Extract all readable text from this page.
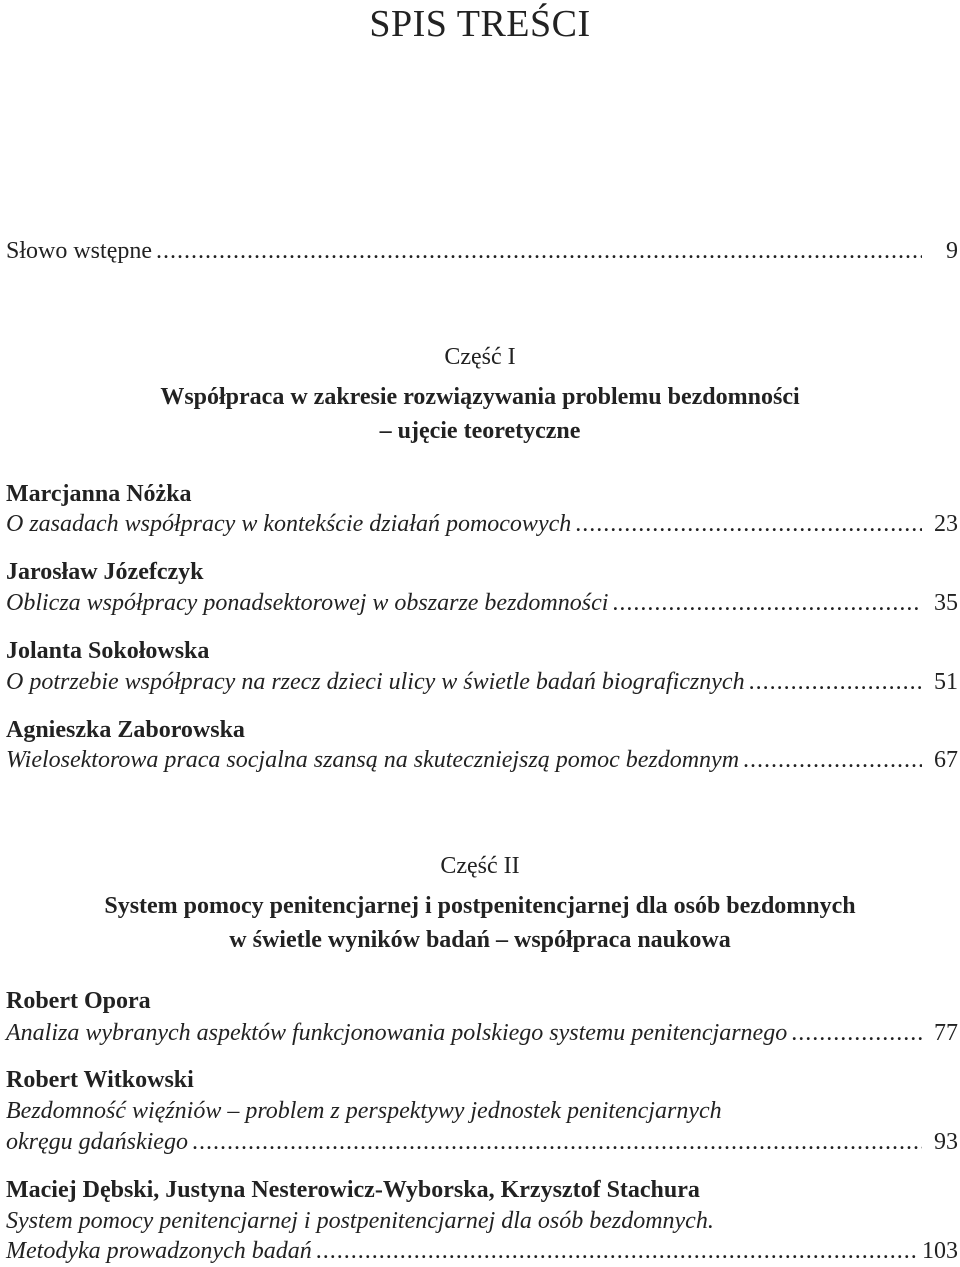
SPIS TREŚCI
Słowo wstępne .....	9
Część I
Współpraca w zakresie rozwiązywania problemu bezdomności
– ujęcie teoretyczne
Marcjanna Nóżka
O zasadach współpracy w kontekście działań pomocowych .....	23
Jarosław Józefczyk
Oblicza współpracy ponadsektorowej w obszarze bezdomności .....	35
Jolanta Sokołowska
O potrzebie współpracy na rzecz dzieci ulicy w świetle badań biograficznych .....	51
Agnieszka Zaborowska
Wielosektorowa praca socjalna szansą na skuteczniejszą pomoc bezdomnym .....	67
Część II
System pomocy penitencjarnej i postpenitencjarnej dla osób bezdomnych
w świetle wyników badań – współpraca naukowa
Robert Opora
Analiza wybranych aspektów funkcjonowania polskiego systemu penitencjarnego .....	77
Robert Witkowski
Bezdomność więźniów – problem z perspektywy jednostek penitencjarnych
okręgu gdańskiego .....	93
Maciej Dębski, Justyna Nesterowicz-Wyborska, Krzysztof Stachura
System pomocy penitencjarnej i postpenitencjarnej dla osób bezdomnych.
Metodyka prowadzonych badań .....	103
